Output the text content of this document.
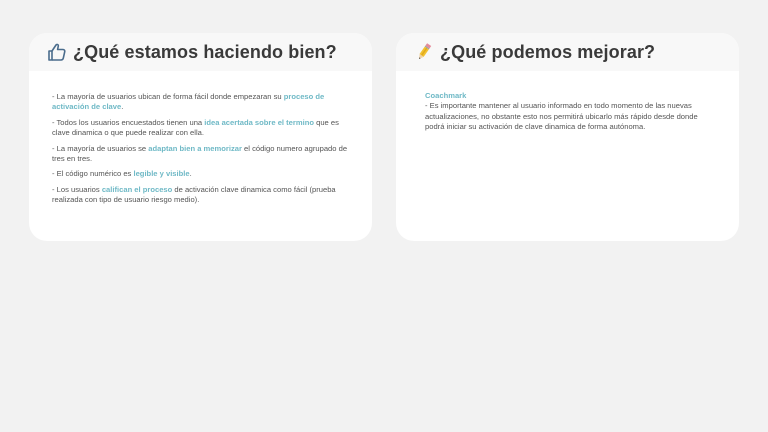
¿Qué estamos haciendo bien?

- La mayoría de usuarios ubican de forma fácil donde empezaran su proceso de activación de clave.

- Todos los usuarios encuestados tienen una idea acertada sobre el termino que es clave dinamica o que puede realizar con ella.

- La mayoría de usuarios se adaptan bien a memorizar el código numero agrupado de tres en tres.

- El código numérico es legible y visible.

- Los usuarios califican el proceso de activación clave dinamica como fácil (prueba realizada con tipo de usuario riesgo medio).

¿Qué podemos mejorar?
Coachmark

- Es importante mantener al usuario informado en todo momento de las nuevas actualizaciones, no obstante esto nos permitirá ubicarlo más rápido desde donde podrá iniciar su activación de clave dinamica de forma autónoma.
